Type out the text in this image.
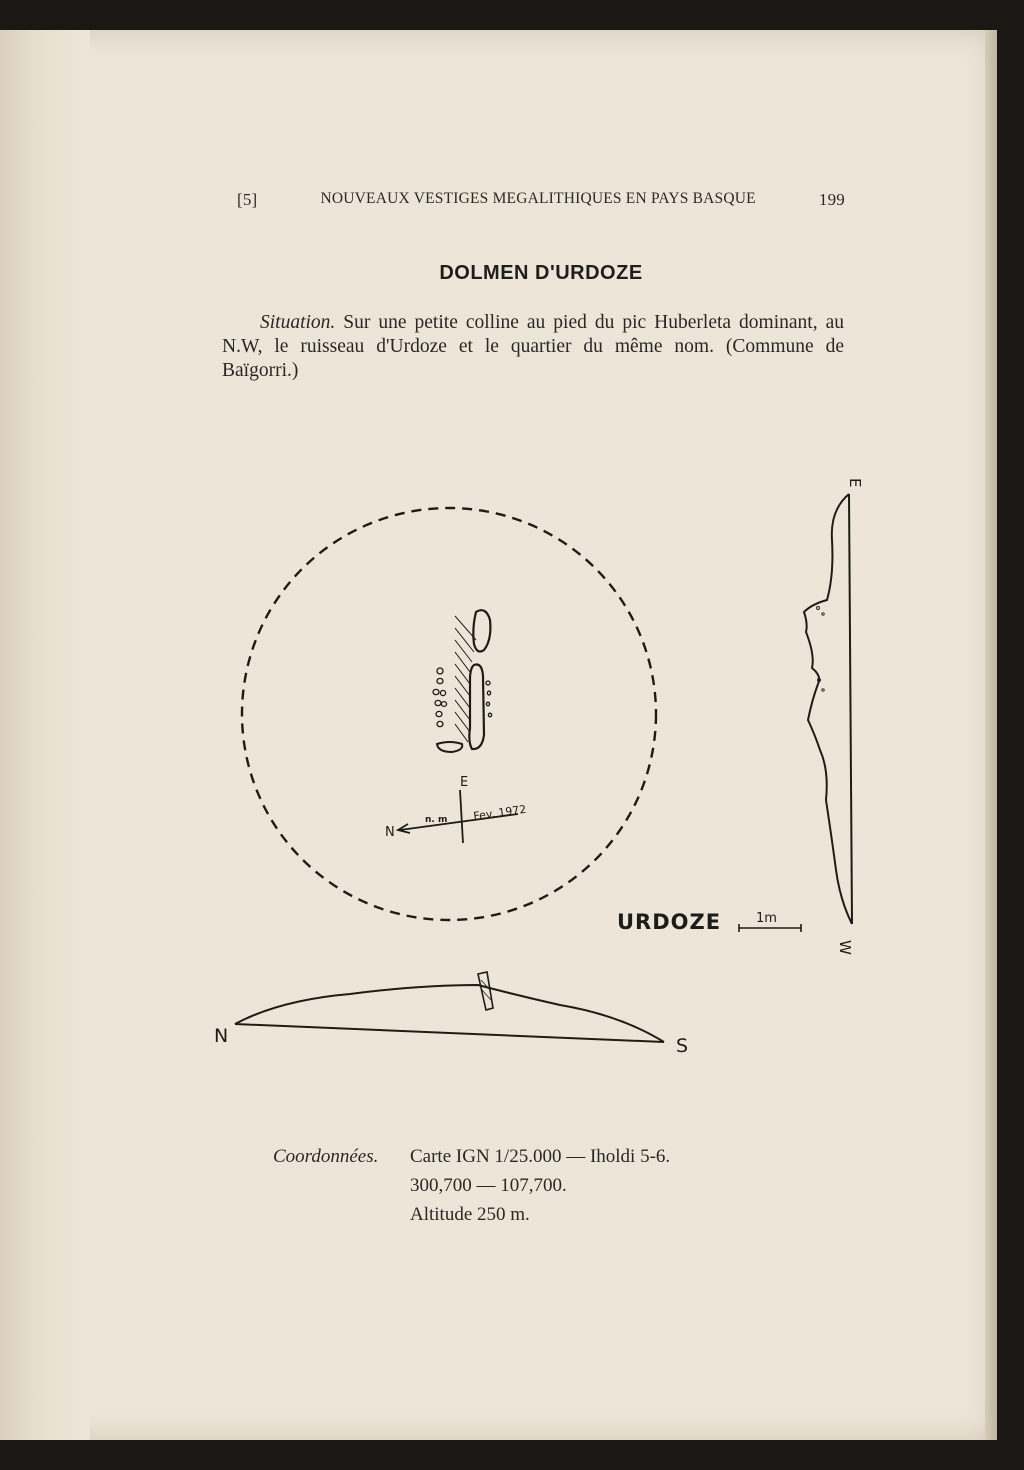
[5]	NOUVEAUX VESTIGES MEGALITHIQUES EN PAYS BASQUE	199
DOLMEN D'URDOZE
Situation. Sur une petite colline au pied du pic Huberleta dominant, au N.W, le ruisseau d'Urdoze et le quartier du même nom. (Commune de Baïgorri.)
E
N
n. m Fev. 1972
URDOZE	1m
E
W
N	S
Coordonnées. Carte IGN 1/25.000 — Iholdi 5-6.
300,700 — 107,700.
Altitude 250 m.
